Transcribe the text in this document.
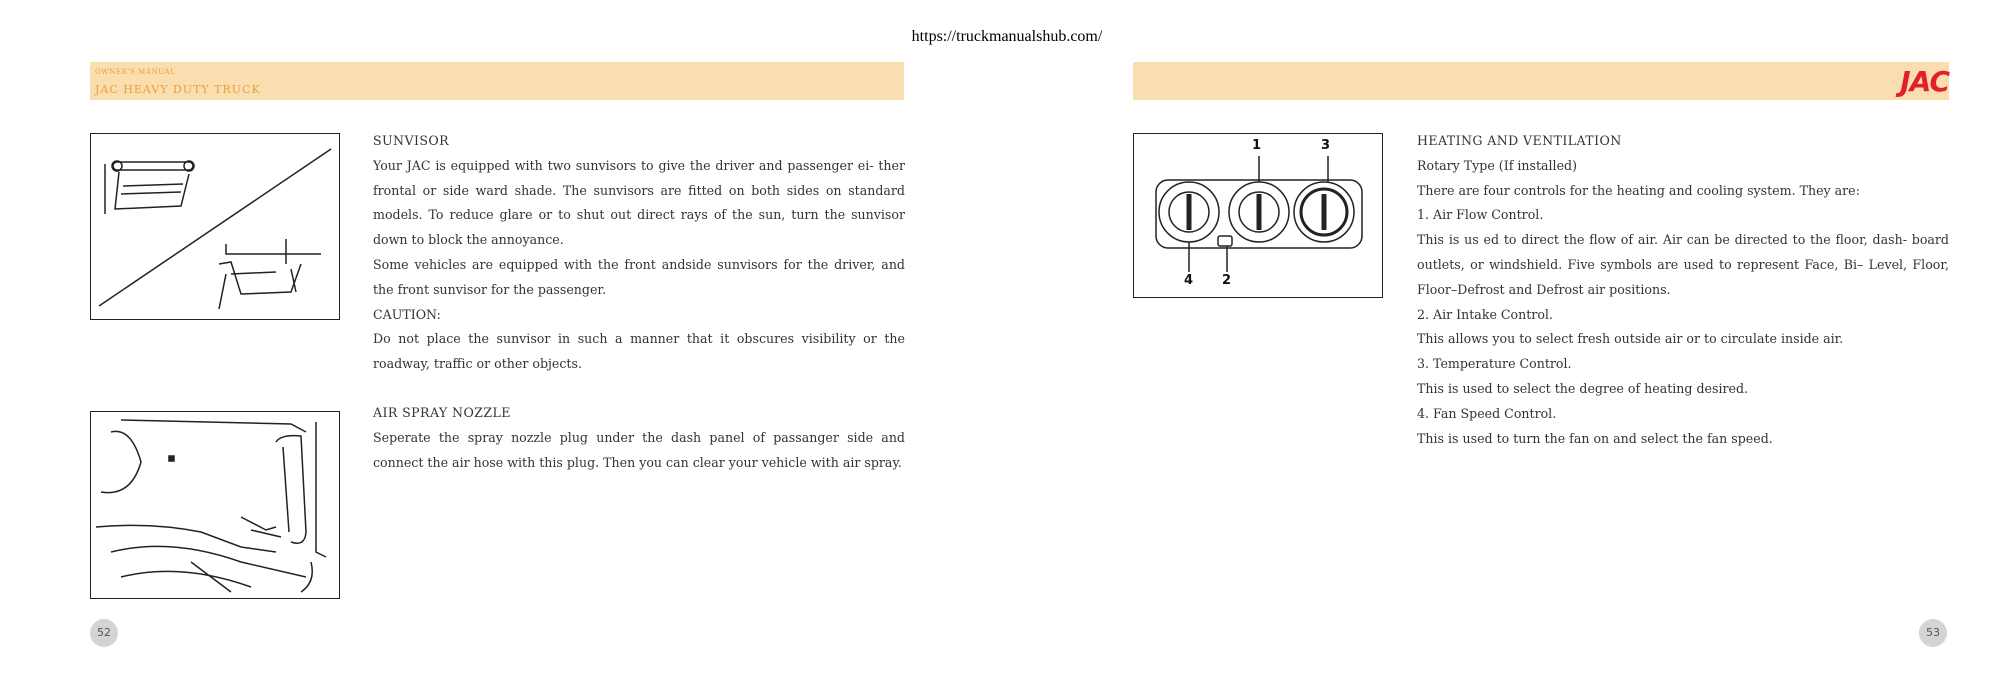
https://truckmanualshub.com/
OWNER'S MANUAL
JAC HEAVY DUTY TRUCK

SUNVISOR

Your JAC is equipped with two sunvisors to give the driver and passenger ei- ther frontal or side ward shade. The sunvisors are fitted on both sides on standard models. To reduce glare or to shut out direct rays of the sun, turn the sunvisor down to block the annoyance.

Some vehicles are equipped with the front andside sunvisors for the driver, and the front sunvisor for the passenger.

CAUTION:

Do not place the sunvisor in such a manner that it obscures visibility or the roadway, traffic or other objects.

AIR SPRAY NOZZLE

Seperate the spray nozzle plug under the dash panel of passanger side and connect the air hose with this plug. Then you can clear your vehicle with air spray.

52
JAC
1	3
4 2

HEATING AND VENTILATION

Rotary Type (If installed)

There are four controls for the heating and cooling system. They are:

1. Air Flow Control.

This is us ed to direct the flow of air. Air can be directed to the floor, dash- board outlets, or windshield. Five symbols are used to represent Face, Bi– Level, Floor, Floor–Defrost and Defrost air positions.

2. Air Intake Control.

This allows you to select fresh outside air or to circulate inside air.

3. Temperature Control.

This is used to select the degree of heating desired.

4. Fan Speed Control.

This is used to turn the fan on and select the fan speed.

53
